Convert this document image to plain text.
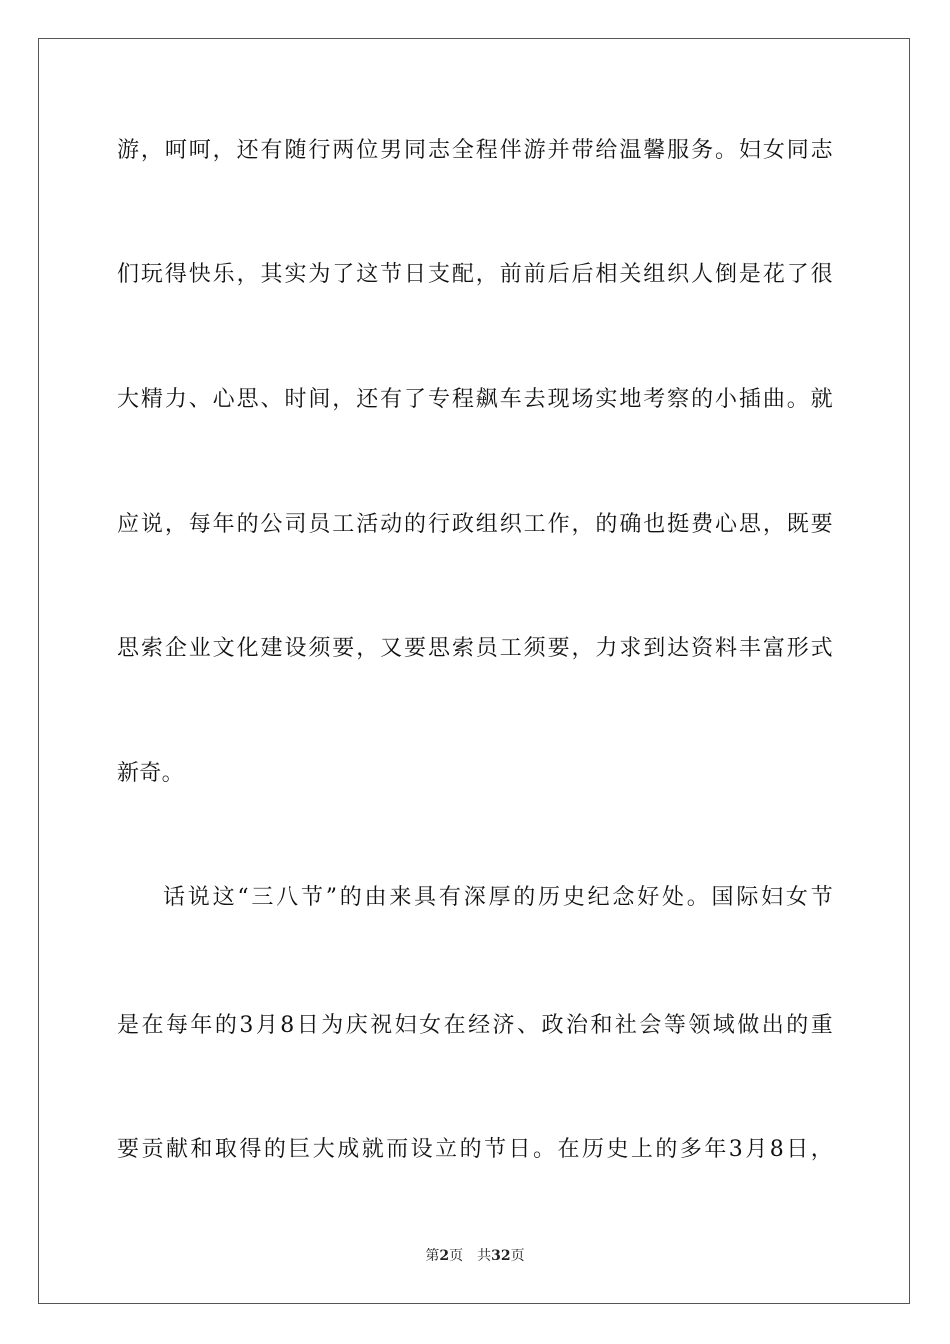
游，呵呵，还有随行两位男同志全程伴游并带给温馨服务。妇女同志
们玩得快乐，其实为了这节日支配，前前后后相关组织人倒是花了很
大精力、心思、时间，还有了专程飙车去现场实地考察的小插曲。就
应说，每年的公司员工活动的行政组织工作，的确也挺费心思，既要
思索企业文化建设须要，又要思索员工须要，力求到达资料丰富形式
新奇。
话说这“三八节”的由来具有深厚的历史纪念好处。国际妇女节
是在每年的3月8日为庆祝妇女在经济、政治和社会等领域做出的重
要贡献和取得的巨大成就而设立的节日。在历史上的多年3月8日，
第2页 共32页
